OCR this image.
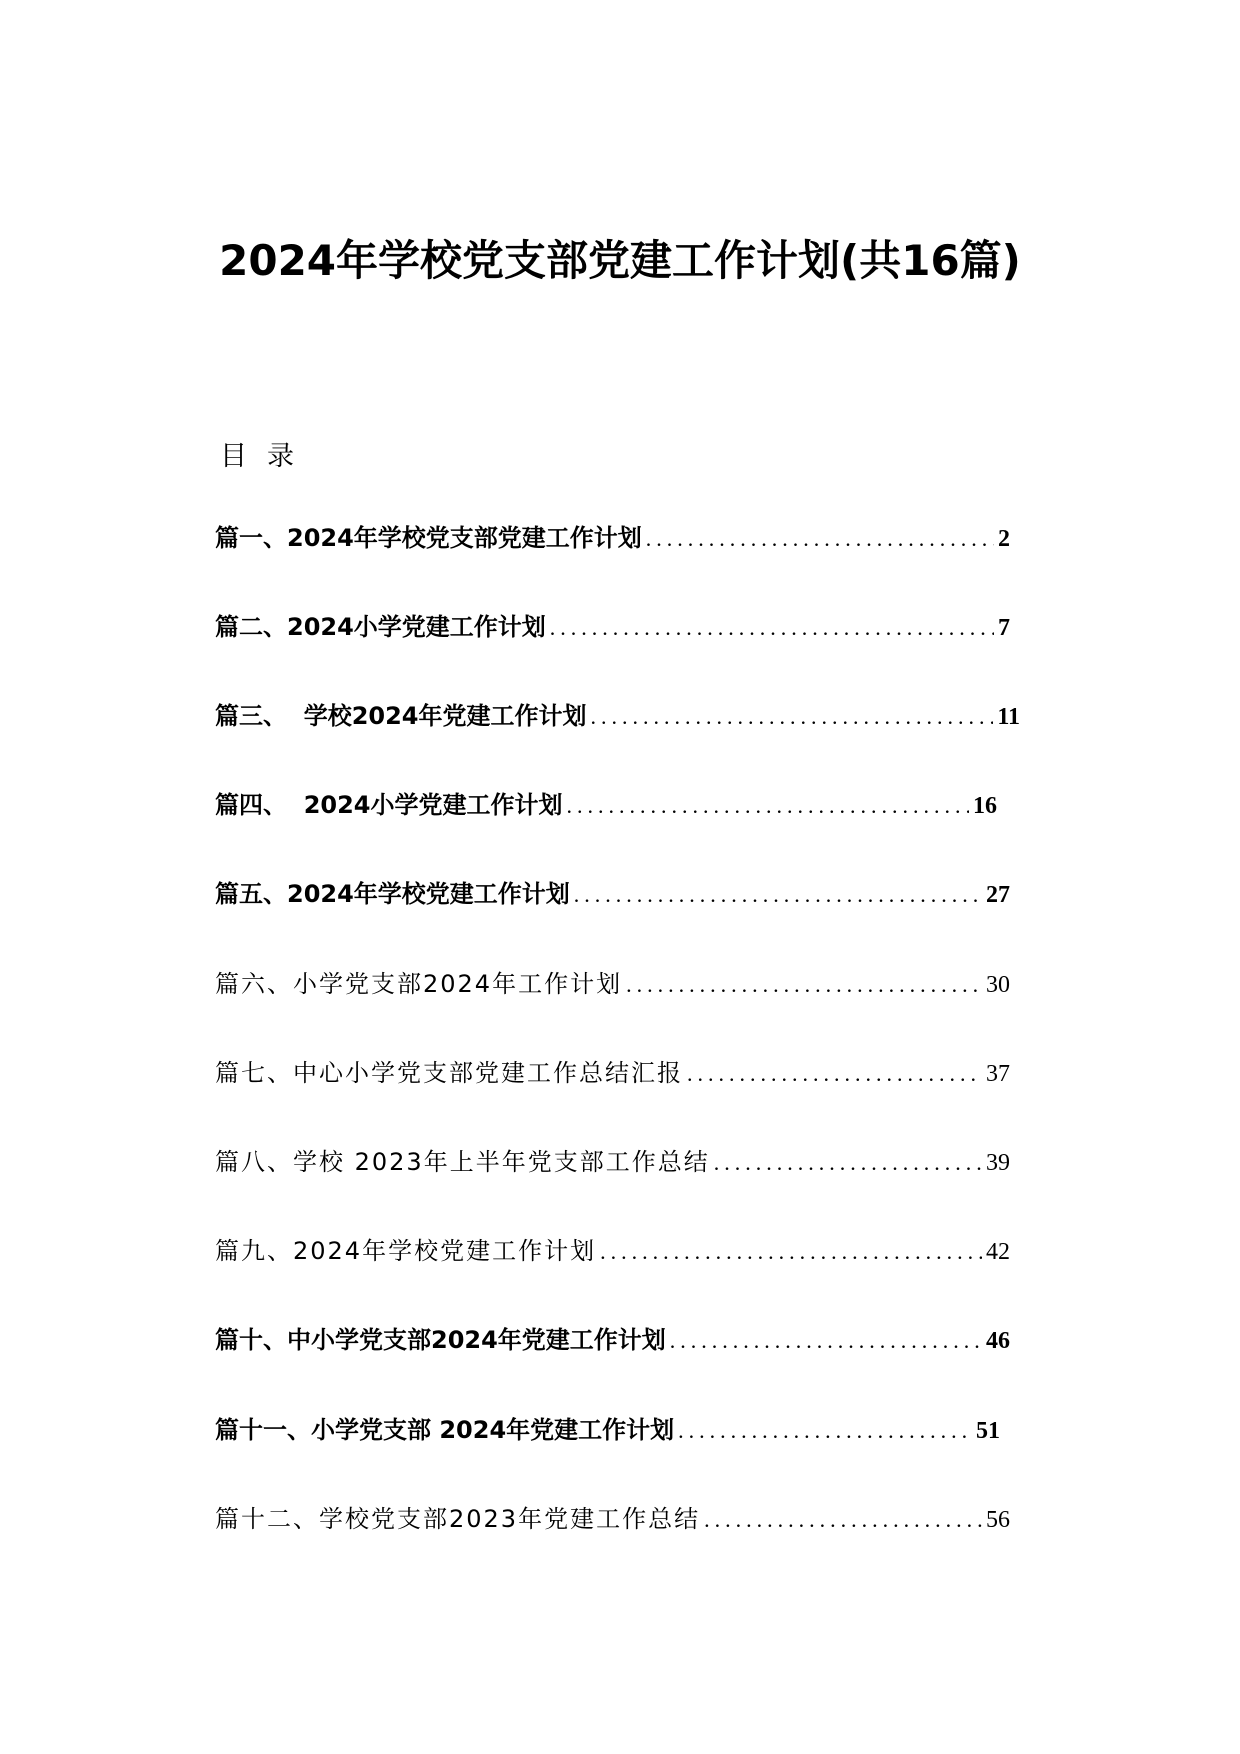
2024年学校党支部党建工作计划(共16篇)
目录
篇一、2024年学校党支部党建工作计划 .....	2
篇二、2024小学党建工作计划 .....	7
篇三、  学校2024年党建工作计划 .....	11
篇四、  2024小学党建工作计划 .....	16
篇五、2024年学校党建工作计划 .....	27
篇六、小学党支部2024年工作计划 .....	30
篇七、中心小学党支部党建工作总结汇报 .....	37
篇八、学校 2023年上半年党支部工作总结 .....	39
篇九、2024年学校党建工作计划 .....	42
篇十、中小学党支部2024年党建工作计划 .....	46
篇十一、小学党支部 2024年党建工作计划 .....	51
篇十二、学校党支部2023年党建工作总结 .....	56
